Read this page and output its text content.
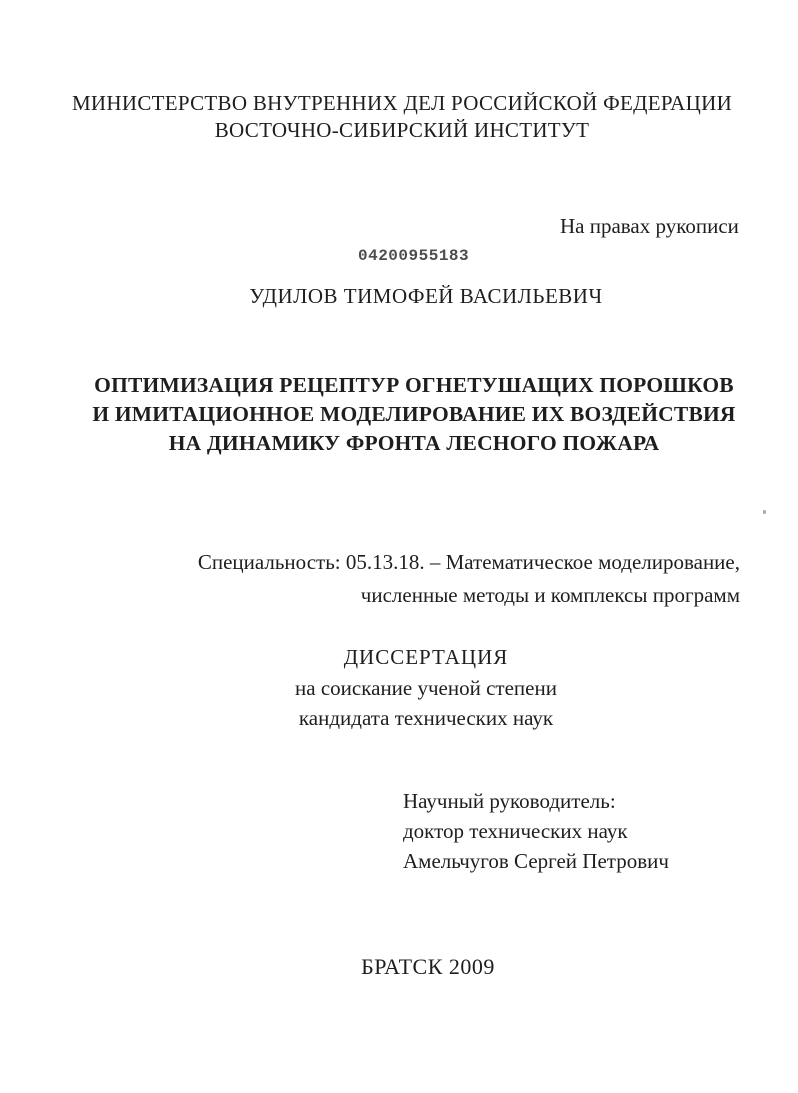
МИНИСТЕРСТВО ВНУТРЕННИХ ДЕЛ РОССИЙСКОЙ ФЕДЕРАЦИИ
ВОСТОЧНО-СИБИРСКИЙ ИНСТИТУТ
На правах рукописи
04200955183
УДИЛОВ ТИМОФЕЙ ВАСИЛЬЕВИЧ
ОПТИМИЗАЦИЯ РЕЦЕПТУР ОГНЕТУШАЩИХ ПОРОШКОВ
И ИМИТАЦИОННОЕ МОДЕЛИРОВАНИЕ ИХ ВОЗДЕЙСТВИЯ
НА ДИНАМИКУ ФРОНТА ЛЕСНОГО ПОЖАРА
Специальность: 05.13.18. – Математическое моделирование,
численные методы и комплексы программ
ДИССЕРТАЦИЯ
на соискание ученой степени
кандидата технических наук
Научный руководитель:
доктор технических наук
Амельчугов Сергей Петрович
БРАТСК 2009
